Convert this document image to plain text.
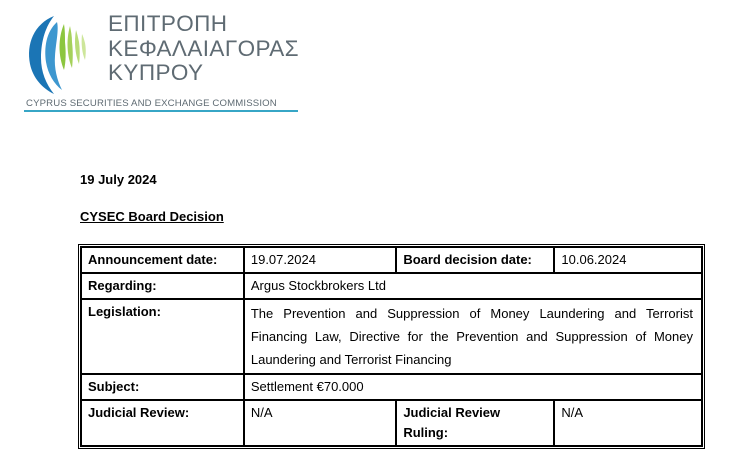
ΕΠΙΤΡΟΠΗ
ΚΕΦΑΛΑΙΑΓΟΡΑΣ
ΚΥΠΡΟΥ
CYPRUS SECURITIES AND EXCHANGE COMMISSION
19 July 2024
CYSEC Board Decision
Announcement date:	19.07.2024	Board decision date:	10.06.2024
Regarding:	Argus Stockbrokers Ltd		
Legislation:	The Prevention and Suppression of Money Laundering and Terrorist Financing Law, Directive for the Prevention and Suppression of Money Laundering and Terrorist Financing		
Subject:	Settlement €70.000		
Judicial Review:	N/A	Judicial Review Ruling:	N/A
